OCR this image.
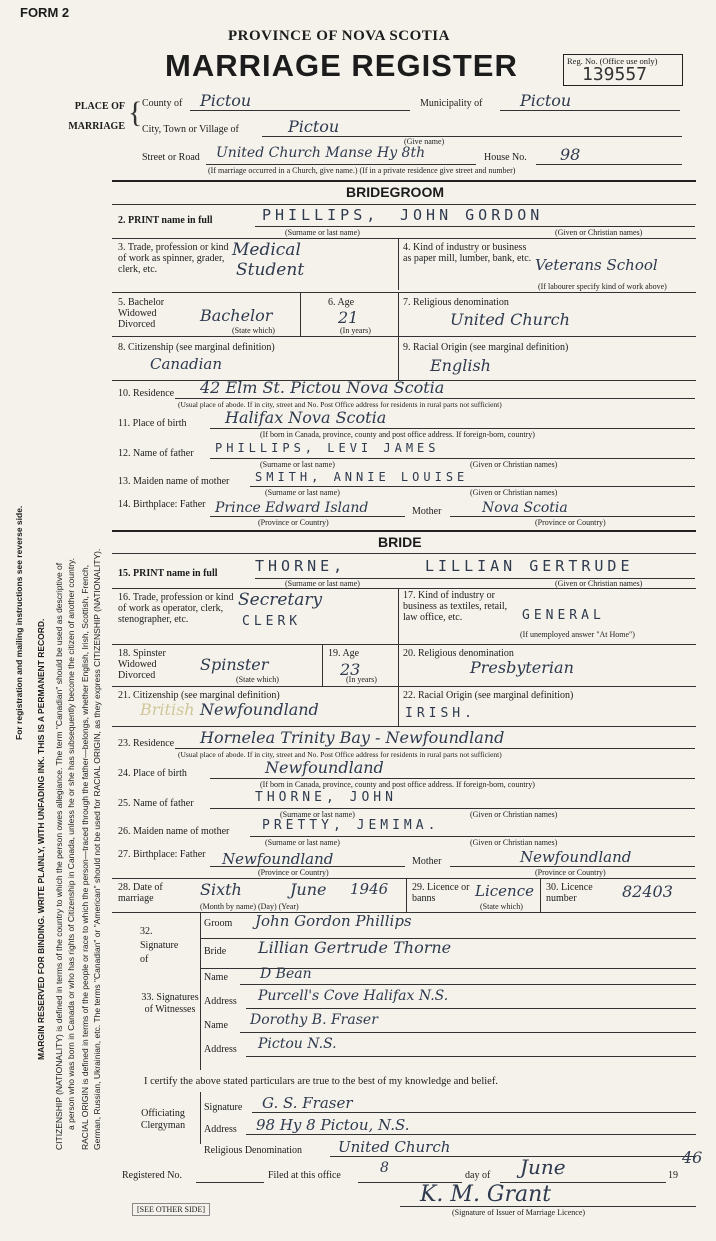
For registration and mailing instructions see reverse side. MARGIN RESERVED FOR BINDING. WRITE PLAINLY, WITH UNFADING INK. THIS IS A PERMANENT RECORD. CITIZENSHIP (NATIONALITY) is defined in terms of the country to which the person owes allegiance. The term "Canadian" should be used as descriptive of a person who was born in Canada or who has rights of Citizenship in Canada, unless he or she has subsequently become the citizen of another country. RACIAL ORIGIN is defined in terms of the people or race to which the person—traced through the father—belongs, whether English, Irish, Scottish, French, German, Russian, Ukrainian, etc. The terms "Canadian" or "American" should not be used for RACIAL ORIGIN, as they express CITIZENSHIP (NATIONALITY).
FORM 2
PROVINCE OF NOVA SCOTIA
MARRIAGE REGISTER	Reg. No. (Office use only)
139557
PLACE OF MARRIAGE { County of Pictou	Municipality of Pictou
City, Town or Village of	Pictou
(Give name)
Street or Road United Church Manse Hy 8th	House No. 98
(If marriage occurred in a Church, give name.) (If in a private residence give street and number)
BRIDEGROOM
2. PRINT name in full	PHILLIPS, JOHN GORDON
(Surname or last name)	(Given or Christian names)
3. Trade, profession or kind of work as spinner, grader, clerk, etc.
Medical
Student
4. Kind of industry or business as paper mill, lumber, bank, etc. Veterans School
(If labourer specify kind of work above)
5. Bachelor Widowed Divorced	Bachelor
(State which)
6. Age
21
(In years)
7. Religious denomination
United Church
8. Citizenship (see marginal definition)
Canadian
9. Racial Origin (see marginal definition)
English
10. Residence 42 Elm St. Pictou Nova Scotia
(Usual place of abode. If in city, street and No. Post Office address for residents in rural parts not sufficient)
11. Place of birth Halifax Nova Scotia
(If born in Canada, province, county and post office address. If foreign-born, country)
12. Name of father PHILLIPS, LEVI JAMES
(Surname or last name)	(Given or Christian names)
13. Maiden name of mother SMITH, ANNIE LOUISE
(Surname or last name)	(Given or Christian names)
14. Birthplace: Father Prince Edward Island
(Province or Country)
Mother	Nova Scotia
(Province or Country)
BRIDE
15. PRINT name in full THORNE,	LILLIAN GERTRUDE
(Surname or last name)	(Given or Christian names)
16. Trade, profession or kind of work as operator, clerk, stenographer, etc.
Secretary
CLERK
17. Kind of industry or business as textiles, retail, law office, etc.	GENERAL
(If unemployed answer "At Home")
18. Spinster Widowed Divorced
Spinster
(State which)
19. Age
23
(In years)
20. Religious denomination
Presbyterian
21. Citizenship (see marginal definition)
British Newfoundland
22. Racial Origin (see marginal definition)
IRISH.
23. Residence Hornelea Trinity Bay - Newfoundland
(Usual place of abode. If in city, street and No. Post Office address for residents in rural parts not sufficient)
24. Place of birth	Newfoundland
(If born in Canada, province, county and post office address. If foreign-born, country)
25. Name of father	THORNE, JOHN
(Surname or last name)	(Given or Christian names)
26. Maiden name of mother	PRETTY, JEMIMA.
(Surname or last name)	(Given or Christian names)
27. Birthplace: Father	Newfoundland
(Province or Country)
Mother	Newfoundland
(Province or Country)
28. Date of marriage	Sixth	June 1946
(Month by name) (Day) (Year)
29. Licence or banns	Licence
(State which)
30. Licence number	82403
32. Signature of
Groom John Gordon Phillips
Bride Lillian Gertrude Thorne
33. Signatures of Witnesses
Name D Bean
Address Purcell's Cove Halifax N.S.
Name Dorothy B. Fraser
Address Pictou N.S.
I certify the above stated particulars are true to the best of my knowledge and belief.
Officiating Clergyman
Signature G. S. Fraser
Address 98 Hy 8 Pictou, N.S.
Religious Denomination United Church
Registered No.	Filed at this office	8	day of June	19
46
K. M. Grant
(Signature of Issuer of Marriage Licence)
[SEE OTHER SIDE]
